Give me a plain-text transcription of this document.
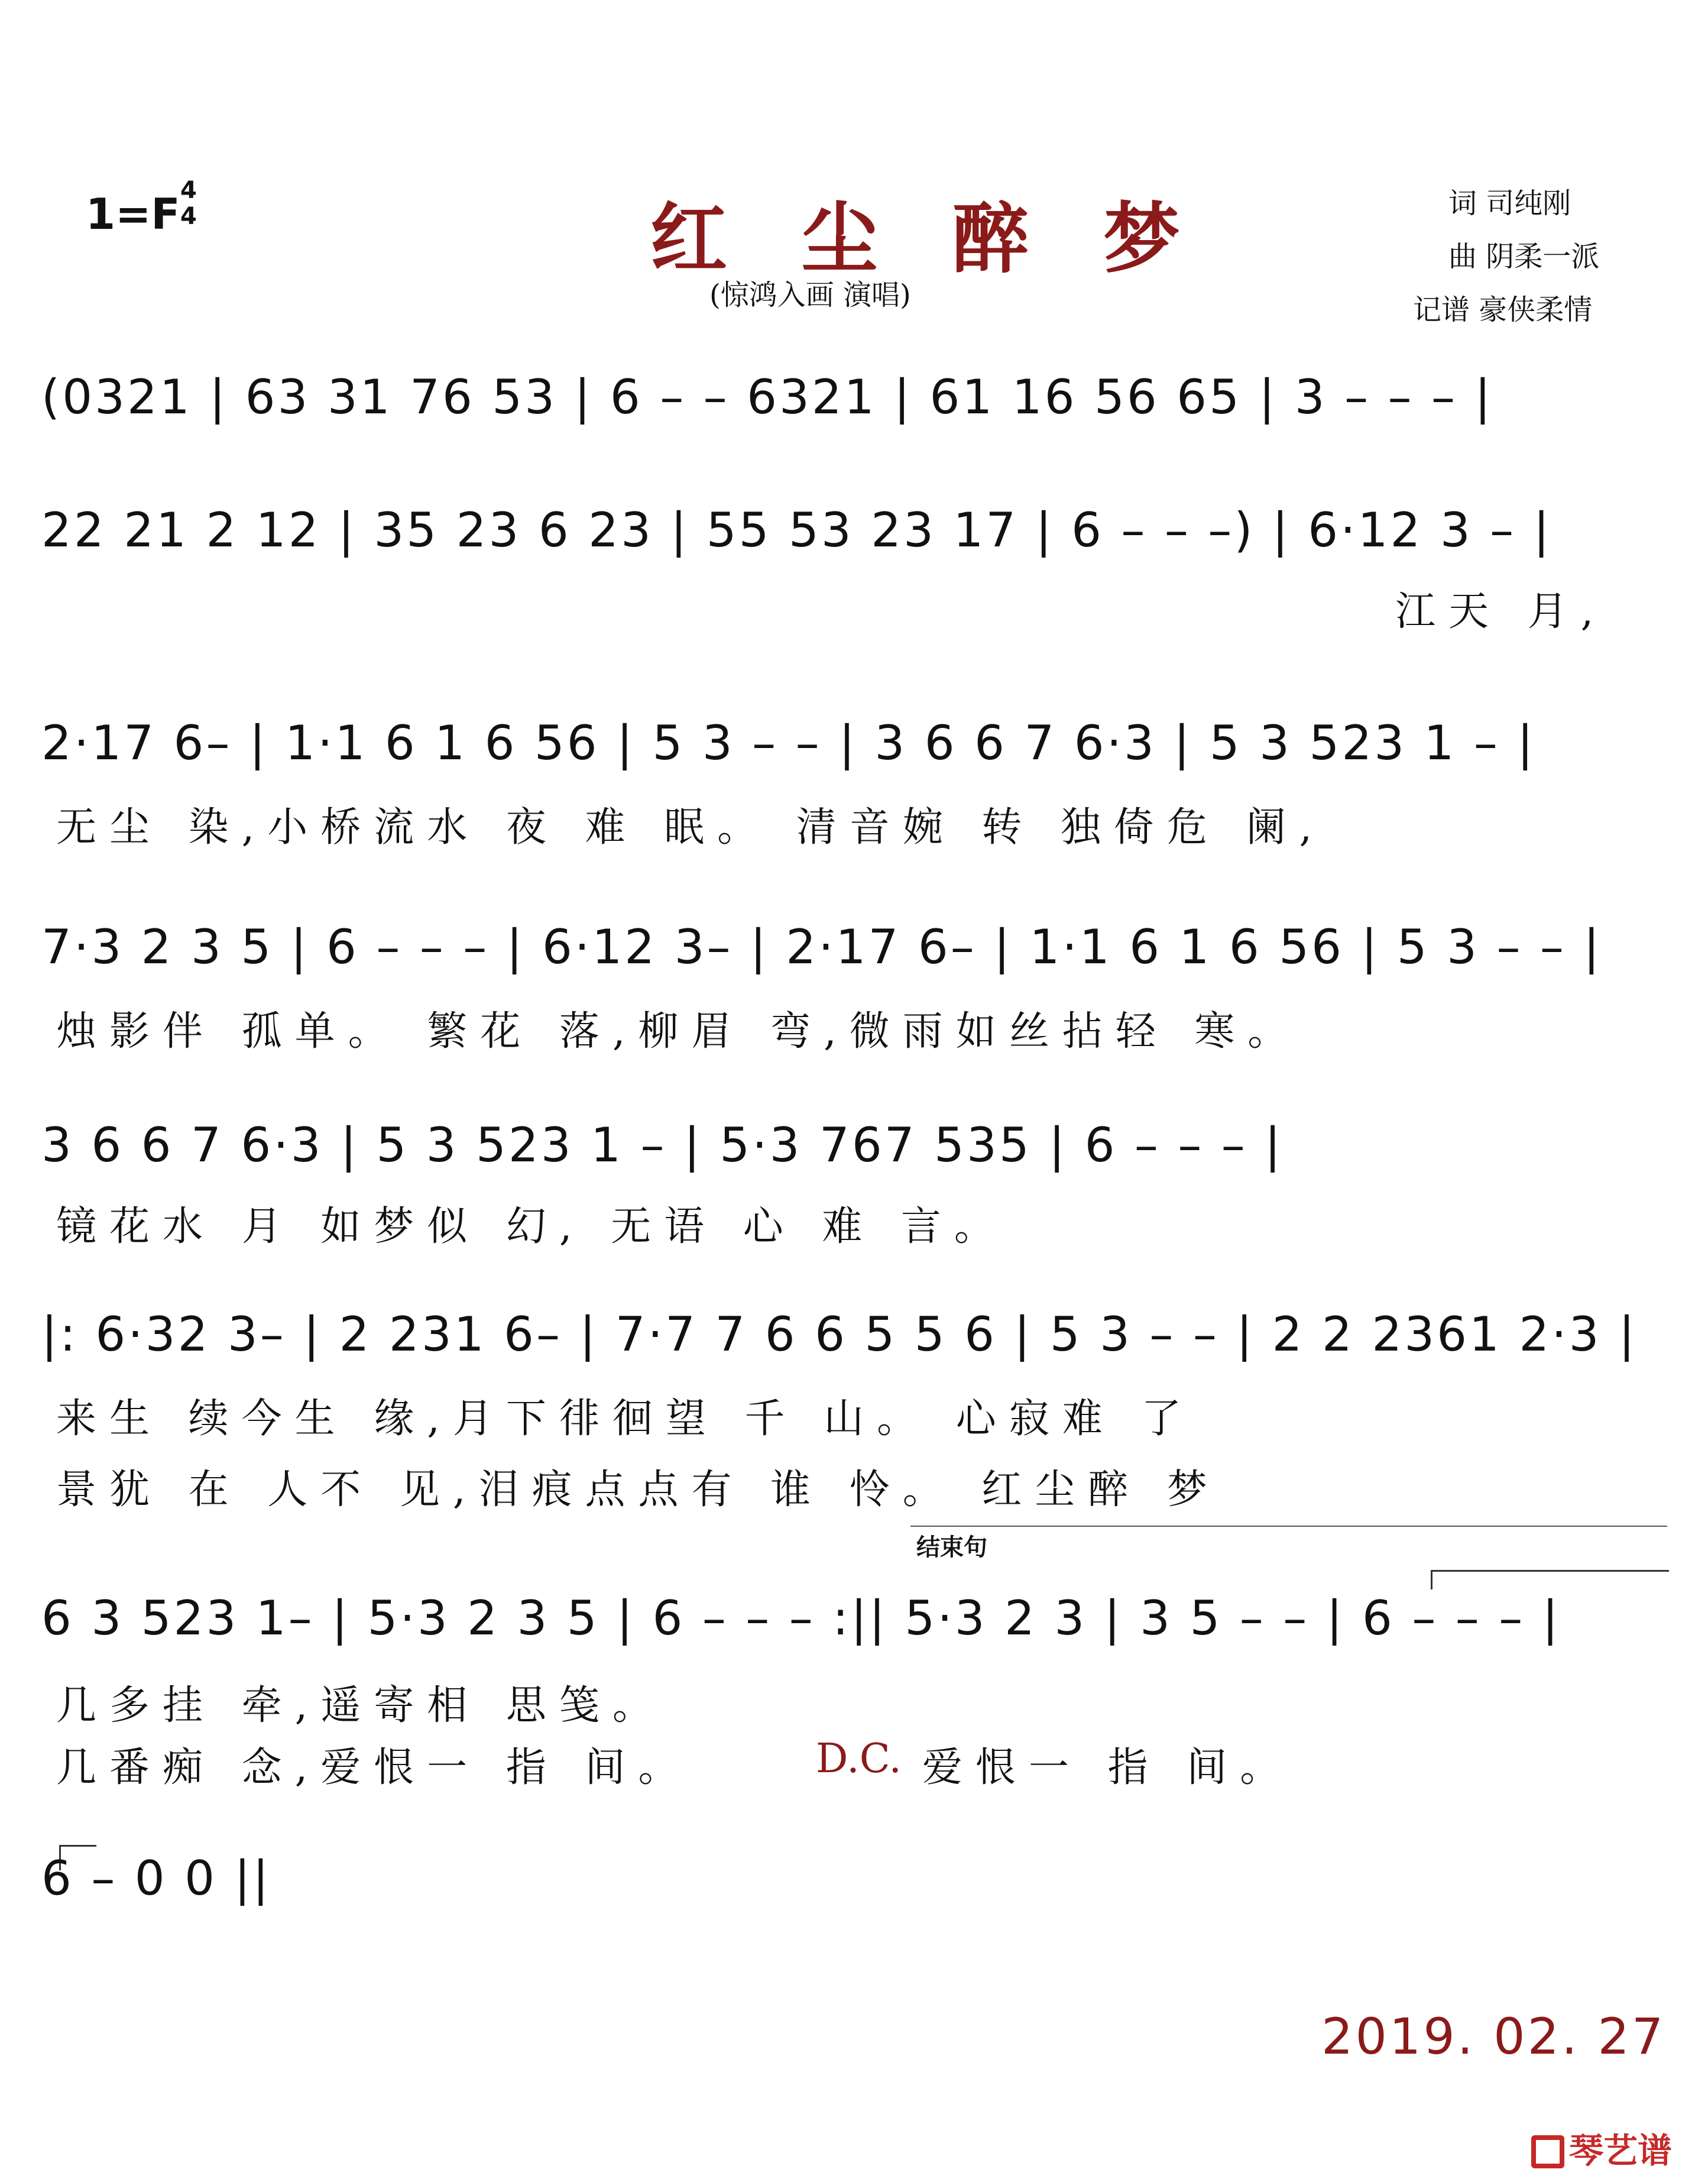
1=F 4
4	红 尘 醉 梦
(惊鸿入画 演唱)
词 司纯刚
曲 阴柔一派
记谱 豪侠柔情
(0321 | 63 31 76 53 | 6 – – 6321 | 61 16 56 65 | 3 – – – |
22 21 2 12 | 35 23 6 23 | 55 53 23 17 | 6 – – –) | 6·12 3 – |
江天 月,
2·17 6– | 1·1 6 1 6 56 | 5 3 – – | 3 6 6 7 6·3 | 5 3 523 1 – |
无尘 染,小桥流水 夜 难 眠。 清音婉 转 独倚危 阑,
7·3 2 3 5 | 6 – – – | 6·12 3– | 2·17 6– | 1·1 6 1 6 56 | 5 3 – – |
烛影伴 孤单。 繁花 落,柳眉 弯,微雨如丝拈轻 寒。
3 6 6 7 6·3 | 5 3 523 1 – | 5·3 767 535 | 6 – – – |
镜花水 月 如梦似 幻, 无语 心 难 言。
|: 6·32 3– | 2 231 6– | 7·7 7 6 6 5 5 6 | 5 3 – – | 2 2 2361 2·3 |
来生 续今生 缘,月下徘徊望 千 山。 心寂难 了
景犹 在 人不 见,泪痕点点有 谁 怜。 红尘醉 梦
结束句
6 3 523 1– | 5·3 2 3 5 | 6 – – – :|| 5·3 2 3 | 3 5 – – | 6 – – – |
几多挂 牵,遥寄相 思笺。
几番痴 念,爱恨一 指 间。	D.C. 爱恨一 指 间。
6 – 0 0 ||
2019. 02. 27
琴艺谱
